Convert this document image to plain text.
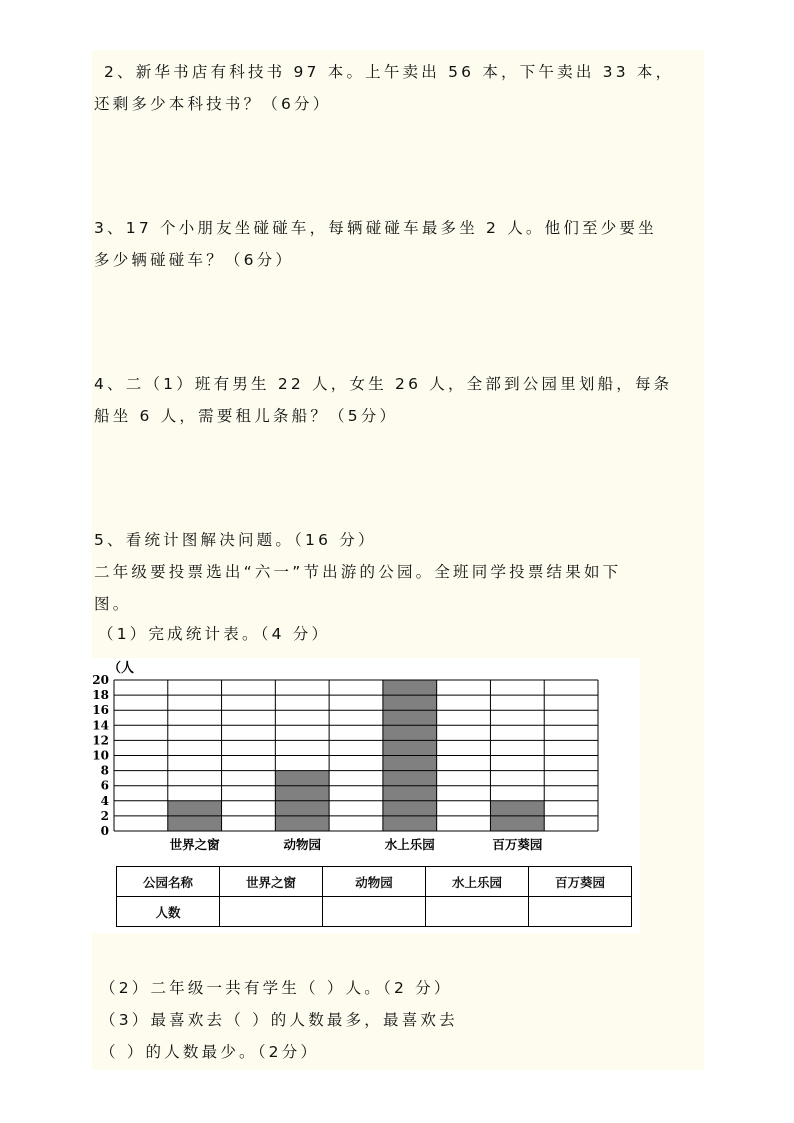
2、新华书店有科技书 97 本。上午卖出 56 本，下午卖出 33 本，
还剩多少本科技书？（6分）
3、17 个小朋友坐碰碰车，每辆碰碰车最多坐 2 人。他们至少要坐
多少辆碰碰车？（6分）
4、二（1）班有男生 22 人，女生 26 人，全部到公园里划船，每条
船坐 6 人，需要租儿条船？（5分）
5、看统计图解决问题。（16 分）
二年级要投票选出“六一”节出游的公园。全班同学投票结果如下
图。
（1）完成统计表。（4 分）
0
2
4
6
8
10
12
14
16
18
20
（人
世界之窗	动物园	水上乐园	百万葵园
公园名称	世界之窗	动物园	水上乐园	百万葵园
人数				
（2）二年级一共有学生（ ）人。（2 分）
（3）最喜欢去（ ）的人数最多，最喜欢去
（ ）的人数最少。（2分）
